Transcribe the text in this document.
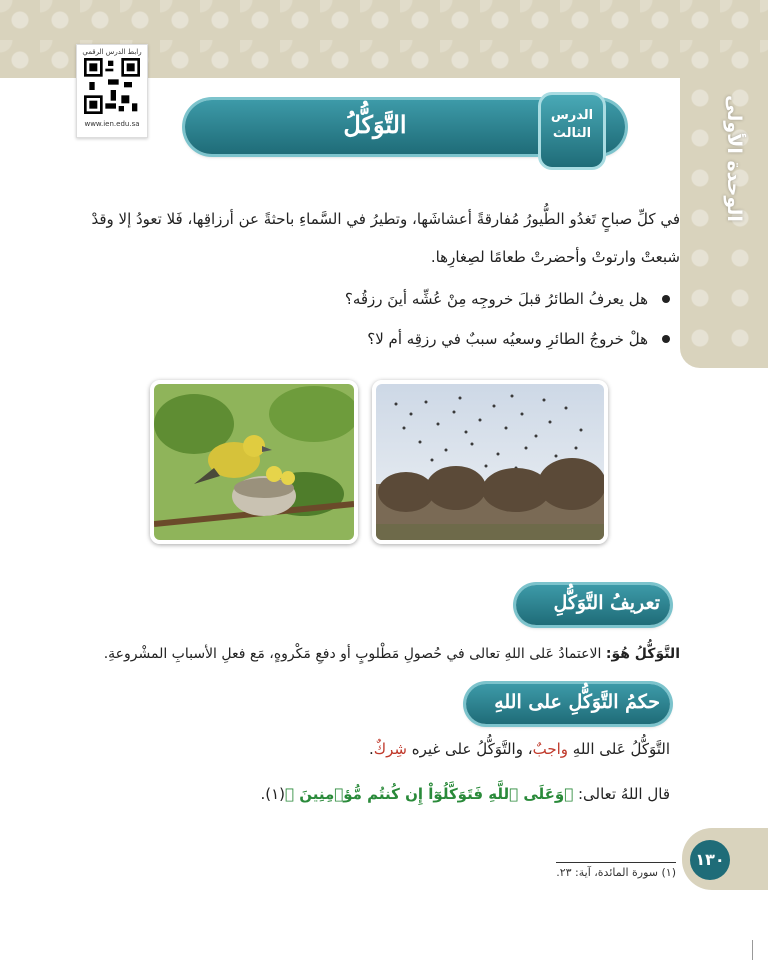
الوحدة الأولى
رابط الدرس الرقمي
www.ien.edu.sa	التَّوَكُّلُ	الدرس
الثالث
في كلِّ صباحٍ تَغدُو الطُّيورُ مُفارقةً أعشاشَها، وتطيرُ في السَّماءِ باحثةً عن أرزاقِها، فَلا تعودُ إلا وقدْ شبعتْ وارتوتْ وأحضرتْ طعامًا لصِغارِها.
هل يعرفُ الطائرُ قبلَ خروجِه مِنْ عُشِّه أينَ رزقُه؟
هلْ خروجُ الطائرِ وسعيُه سببٌ في رزقِه أم لا؟
تعريفُ التَّوَكُّلِ
التَّوَكُّلُ هُوَ: الاعتمادُ عَلى اللهِ تعالى في حُصولِ مَطْلوبٍ أو دفعِ مَكْروهٍ، مَع فعلِ الأسبابِ المشْروعةِ.
حكمُ التَّوَكُّلِ على اللهِ
التَّوَكُّلُ عَلى اللهِ واجبٌ، والتَّوَكُّلُ على غيره شِركٌ.
قال اللهُ تعالى: ﴿وَعَلَى ٱللَّهِ فَتَوَكَّلُوٓاْ إِن كُنتُم مُّؤۡمِنِينَ ﴾(١).
١٣٠
(١) سورة المائدة، آية: ٢٣.
